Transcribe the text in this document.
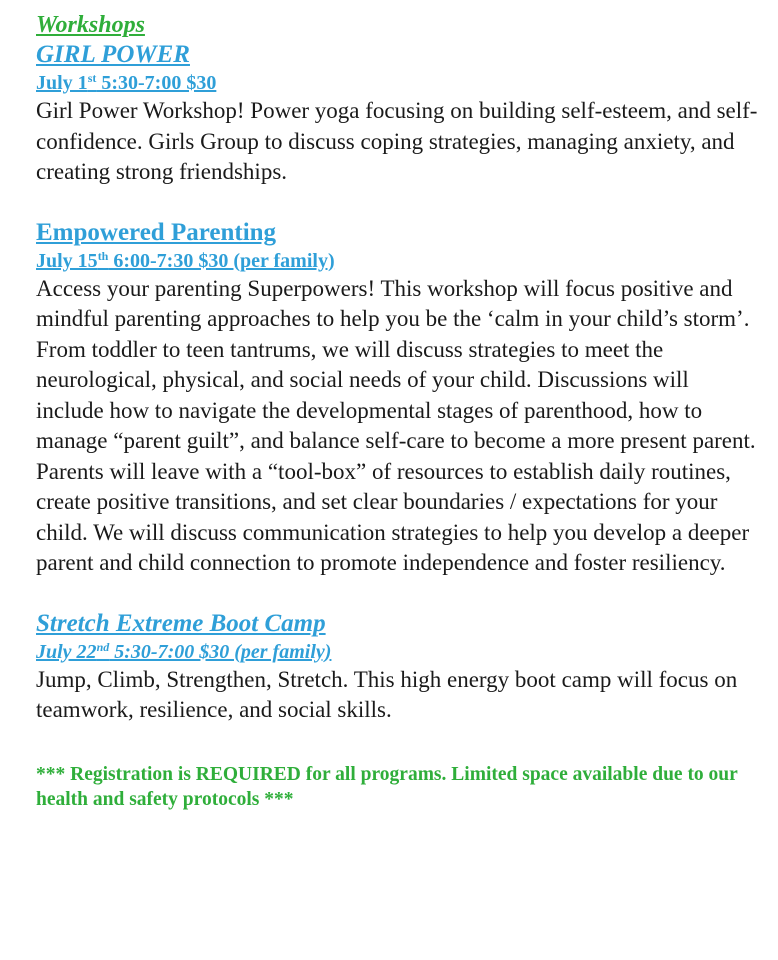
Workshops

GIRL POWER

July 1st 5:30-7:00 $30

Girl Power Workshop! Power yoga focusing on building self-esteem, and self-confidence. Girls Group to discuss coping strategies, managing anxiety, and creating strong friendships.

Empowered Parenting

July 15th 6:00-7:30 $30 (per family)

Access your parenting Superpowers! This workshop will focus positive and mindful parenting approaches to help you be the ‘calm in your child’s storm’. From toddler to teen tantrums, we will discuss strategies to meet the neurological, physical, and social needs of your child. Discussions will include how to navigate the developmental stages of parenthood, how to manage “parent guilt”, and balance self-care to become a more present parent. Parents will leave with a “tool-box” of resources to establish daily routines, create positive transitions, and set clear boundaries / expectations for your child. We will discuss communication strategies to help you develop a deeper parent and child connection to promote independence and foster resiliency.

Stretch Extreme Boot Camp

July 22nd 5:30-7:00 $30 (per family)

Jump, Climb, Strengthen, Stretch. This high energy boot camp will focus on teamwork, resilience, and social skills.

*** Registration is REQUIRED for all programs. Limited space available due to our health and safety protocols ***
